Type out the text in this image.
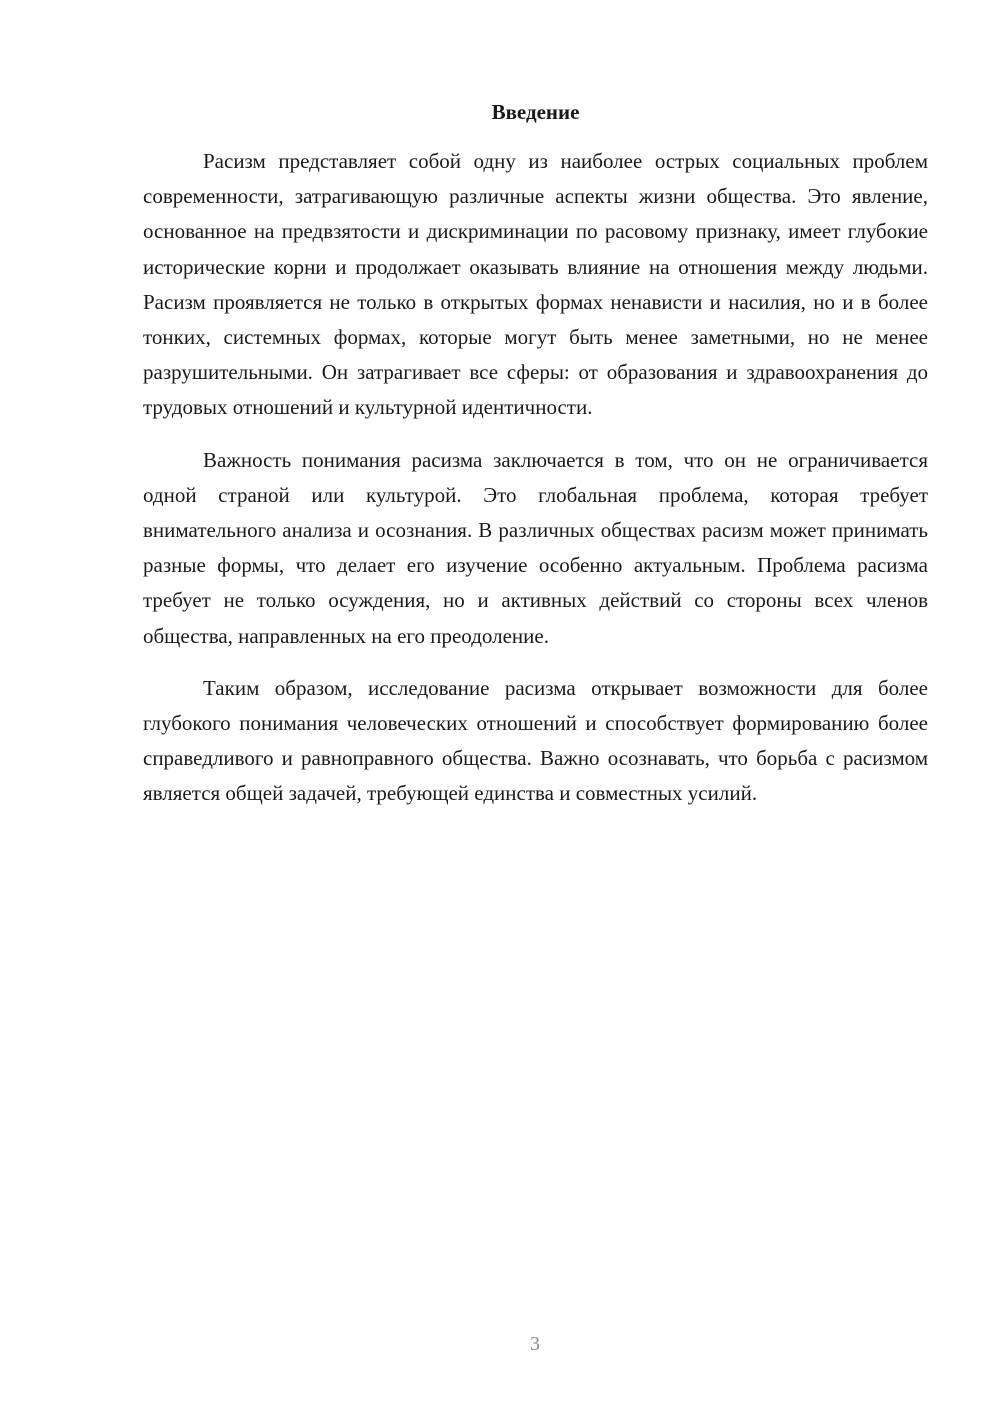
Введение

Расизм представляет собой одну из наиболее острых социальных проблем современности, затрагивающую различные аспекты жизни общества. Это явление, основанное на предвзятости и дискриминации по расовому признаку, имеет глубокие исторические корни и продолжает оказывать влияние на отношения между людьми. Расизм проявляется не только в открытых формах ненависти и насилия, но и в более тонких, системных формах, которые могут быть менее заметными, но не менее разрушительными. Он затрагивает все сферы: от образования и здравоохранения до трудовых отношений и культурной идентичности.

Важность понимания расизма заключается в том, что он не ограничивается одной страной или культурой. Это глобальная проблема, которая требует внимательного анализа и осознания. В различных обществах расизм может принимать разные формы, что делает его изучение особенно актуальным. Проблема расизма требует не только осуждения, но и активных действий со стороны всех членов общества, направленных на его преодоление.

Таким образом, исследование расизма открывает возможности для более глубокого понимания человеческих отношений и способствует формированию более справедливого и равноправного общества. Важно осознавать, что борьба с расизмом является общей задачей, требующей единства и совместных усилий.

3
